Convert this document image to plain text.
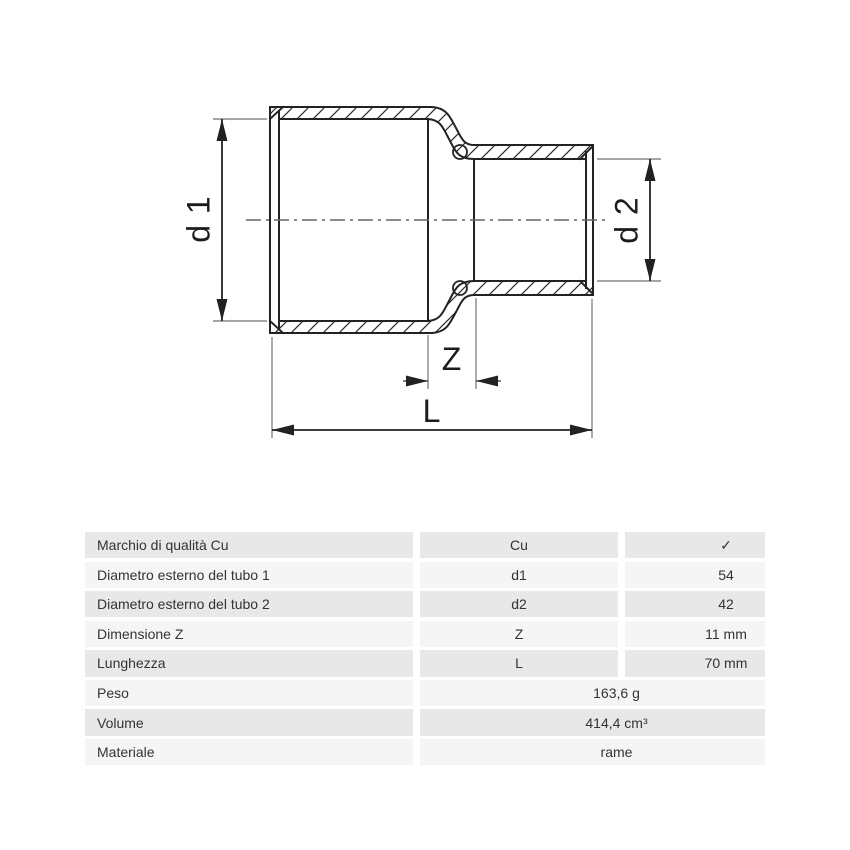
d 1	d 2
Z
L
Marchio di qualità Cu	Cu	✓
Diametro esterno del tubo 1	d1	54
Diametro esterno del tubo 2	d2	42
Dimensione Z	Z	11 mm
Lunghezza	L	70 mm
Peso	163,6 g
Volume	414,4 cm³
Materiale	rame
